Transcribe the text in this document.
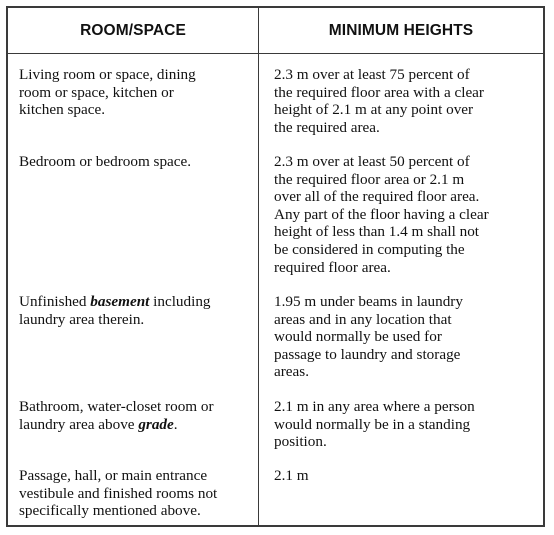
ROOM/SPACE	MINIMUM HEIGHTS
Living room or space, dining
room or space, kitchen or
kitchen space.
2.3 m over at least 75 percent of
the required floor area with a clear
height of 2.1 m at any point over
the required area.
Bedroom or bedroom space.	2.3 m over at least 50 percent of
the required floor area or 2.1 m
over all of the required floor area.
Any part of the floor having a clear
height of less than 1.4 m shall not
be considered in computing the
required floor area.
Unfinished basement including
laundry area therein.
1.95 m under beams in laundry
areas and in any location that
would normally be used for
passage to laundry and storage
areas.
Bathroom, water-closet room or
laundry area above grade.
2.1 m in any area where a person
would normally be in a standing
position.
Passage, hall, or main entrance
vestibule and finished rooms not
specifically mentioned above.
2.1 m
